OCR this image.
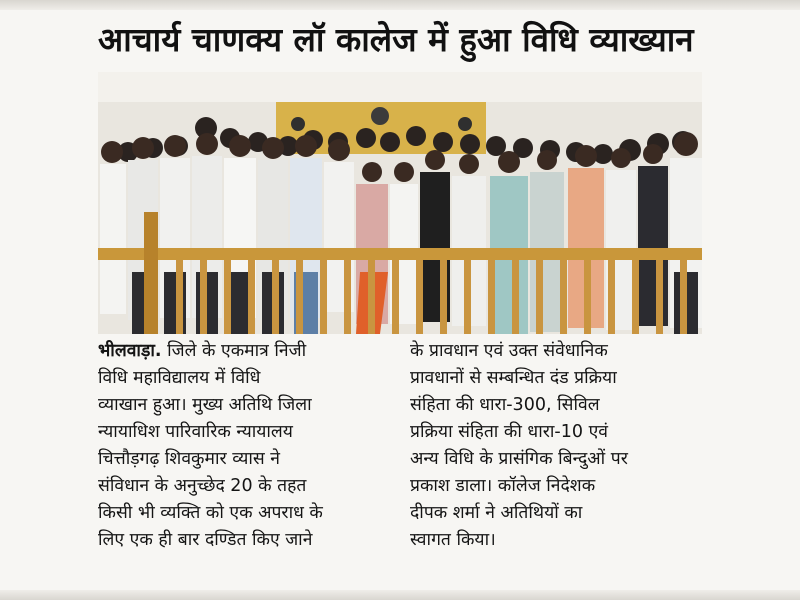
आचार्य चाणक्य लॉ कालेज में हुआ विधि व्याख्यान

भीलवाड़ा. जिले के एकमात्र निजी

विधि महाविद्यालय में विधि

व्याखान हुआ। मुख्य अतिथि जिला

न्यायाधिश पारिवारिक न्यायालय

चित्तौड़गढ़ शिवकुमार व्यास ने

संविधान के अनुच्छेद 20 के तहत

किसी भी व्यक्ति को एक अपराध के

लिए एक ही बार दण्डित किए जाने

के प्रावधान एवं उक्त संवेधानिक

प्रावधानों से सम्बन्धित दंड प्रक्रिया

संहिता की धारा-300, सिविल

प्रक्रिया संहिता की धारा-10 एवं

अन्य विधि के प्रासंगिक बिन्दुओं पर

प्रकाश डाला। कॉलेज निदेशक

दीपक शर्मा ने अतिथियों का

स्वागत किया।
